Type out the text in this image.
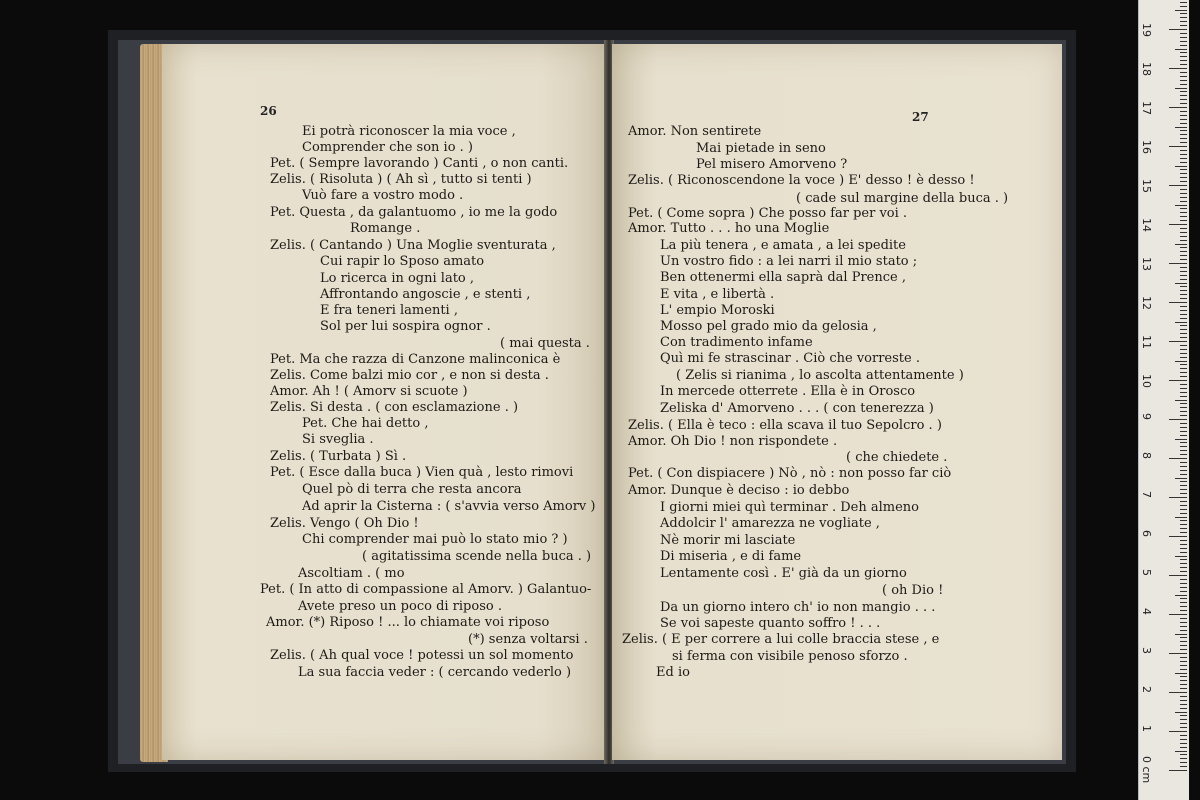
26
Ei potrà riconoscer la mia voce ,
Comprender che son io . )
Pet. ( Sempre lavorando ) Canti , o non canti.
Zelis. ( Risoluta ) ( Ah sì , tutto si tenti )
Vuò fare a vostro modo .
Pet. Questa , da galantuomo , io me la godo
Romange .
Zelis. ( Cantando ) Una Moglie sventurata ,
Cui rapir lo Sposo amato
Lo ricerca in ogni lato ,
Affrontando angoscie , e stenti ,
E fra teneri lamenti ,
Sol per lui sospira ognor .
( mai questa .
Pet. Ma che razza di Canzone malinconica è
Zelis. Come balzi mio cor , e non si desta .
Amor. Ah ! ( Amorv si scuote )
Zelis. Si desta . ( con esclamazione . )
Pet. Che hai detto ,
Si sveglia .
Zelis. ( Turbata ) Sì .
Pet. ( Esce dalla buca ) Vien quà , lesto rimovi
Quel pò di terra che resta ancora
Ad aprir la Cisterna : ( s'avvia verso Amorv )
Zelis. Vengo ( Oh Dio !
Chi comprender mai può lo stato mio ? )
( agitatissima scende nella buca . )
Ascoltiam . ( mo
Pet. ( In atto di compassione al Amorv. ) Galantuo-
Avete preso un poco di riposo .
Amor. (*) Riposo ! ... lo chiamate voi riposo
(*) senza voltarsi .
Zelis. ( Ah qual voce ! potessi un sol momento
La sua faccia veder : ( cercando vederlo )
27
Amor. Non sentirete
Mai pietade in seno
Pel misero Amorveno ?
Zelis. ( Riconoscendone la voce ) E' desso ! è desso !
( cade sul margine della buca . )
Pet. ( Come sopra ) Che posso far per voi .
Amor. Tutto . . . ho una Moglie
La più tenera , e amata , a lei spedite
Un vostro fido : a lei narri il mio stato ;
Ben ottenermi ella saprà dal Prence ,
E vita , e libertà .
L' empio Moroski
Mosso pel grado mio da gelosia ,
Con tradimento infame
Quì mi fe strascinar . Ciò che vorreste .
( Zelis si rianima , lo ascolta attentamente )
In mercede otterrete . Ella è in Orosco
Zeliska d' Amorveno . . . ( con tenerezza )
Zelis. ( Ella è teco : ella scava il tuo Sepolcro . )
Amor. Oh Dio ! non rispondete .
( che chiedete .
Pet. ( Con dispiacere ) Nò , nò : non posso far ciò
Amor. Dunque è deciso : io debbo
I giorni miei quì terminar . Deh almeno
Addolcir l' amarezza ne vogliate ,
Nè morir mi lasciate
Di miseria , e di fame
Lentamente così . E' già da un giorno
( oh Dio !
Da un giorno intero ch' io non mangio . . .
Se voi sapeste quanto soffro ! . . .
Zelis. ( E per correre a lui colle braccia stese , e
si ferma con visibile penoso sforzo .
Ed io
0 cm
1
2
3
4
5
6
7
8
9
10
11
12
13
14
15
16
17
18
19
